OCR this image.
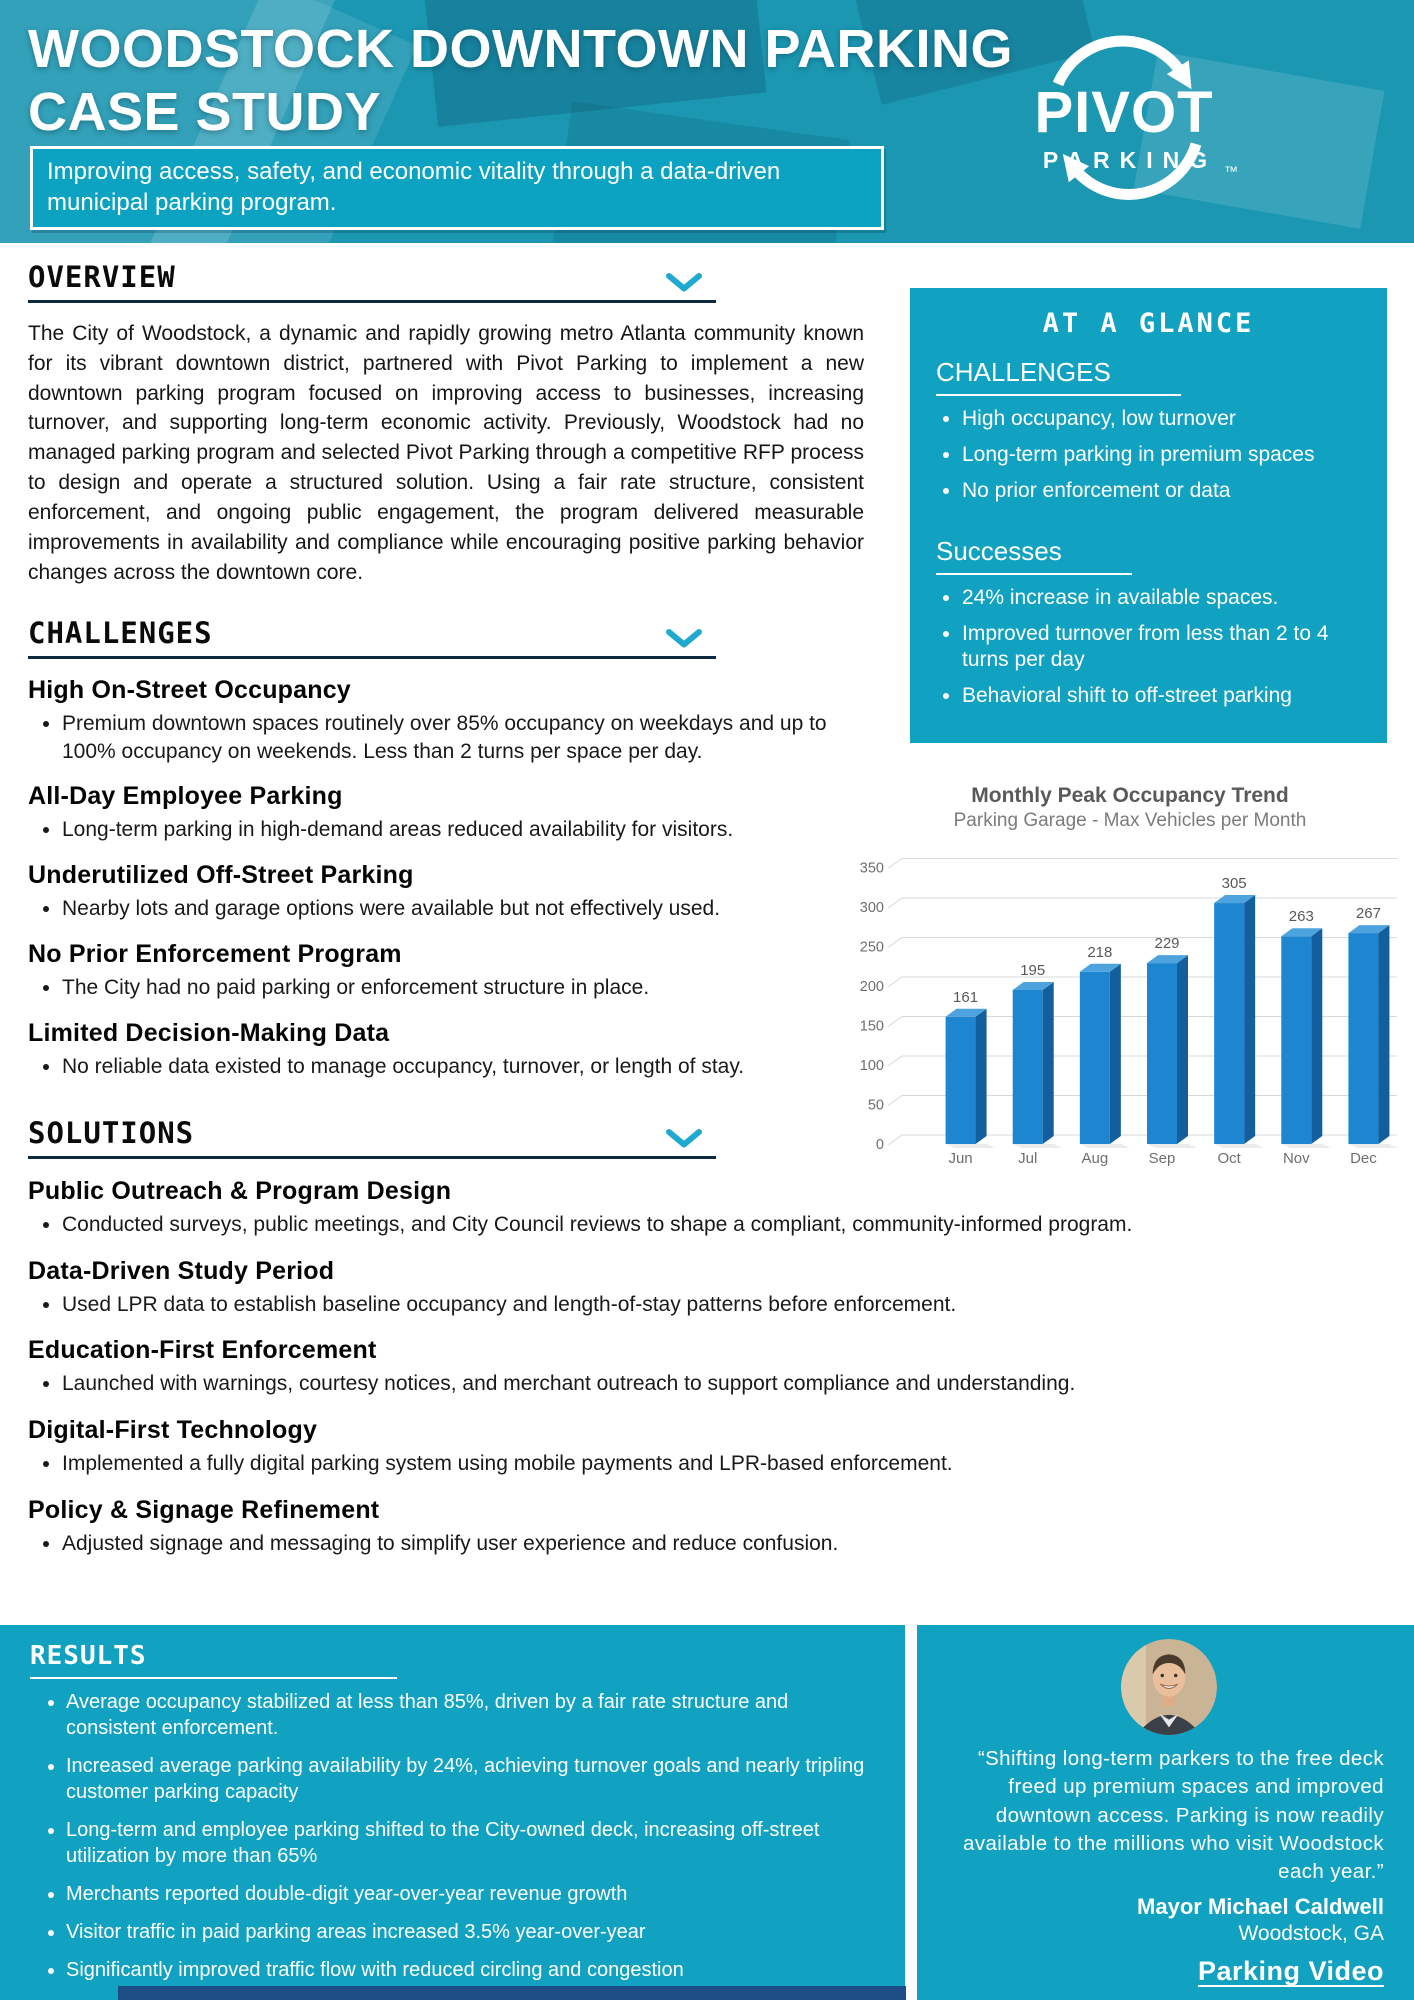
WOODSTOCK DOWNTOWN PARKING
CASE STUDY
Improving access, safety, and economic vitality through a data-driven municipal parking program.
PIVOT
PARKING ™
OVERVIEW

The City of Woodstock, a dynamic and rapidly growing metro Atlanta community known for its vibrant downtown district, partnered with Pivot Parking to implement a new downtown parking program focused on improving access to businesses, increasing turnover, and supporting long-term economic activity. Previously, Woodstock had no managed parking program and selected Pivot Parking through a competitive RFP process to design and operate a structured solution. Using a fair rate structure, consistent enforcement, and ongoing public engagement, the program delivered measurable improvements in availability and compliance while encouraging positive parking behavior changes across the downtown core.

AT A GLANCE
CHALLENGES
• High occupancy, low turnover
• Long-term parking in premium spaces
• No prior enforcement or data
Successes
• 24% increase in available spaces.
• Improved turnover from less than 2 to 4 turns per day
• Behavioral shift to off-street parking
CHALLENGES
High On-Street Occupancy
• Premium downtown spaces routinely over 85% occupancy on weekdays and up to 100% occupancy on weekends. Less than 2 turns per space per day.
All-Day Employee Parking
• Long-term parking in high-demand areas reduced availability for visitors.
Underutilized Off-Street Parking
• Nearby lots and garage options were available but not effectively used.
No Prior Enforcement Program
• The City had no paid parking or enforcement structure in place.
Limited Decision-Making Data
• No reliable data existed to manage occupancy, turnover, or length of stay.
Monthly Peak Occupancy Trend
Parking Garage - Max Vehicles per Month
0
50
100
150
200
250
300
350
161
Jun
195
Jul
218
Aug
229
Sep
305
Oct
263
Nov
267
Dec
SOLUTIONS
Public Outreach & Program Design
• Conducted surveys, public meetings, and City Council reviews to shape a compliant, community-informed program.
Data-Driven Study Period
• Used LPR data to establish baseline occupancy and length-of-stay patterns before enforcement.
Education-First Enforcement
• Launched with warnings, courtesy notices, and merchant outreach to support compliance and understanding.
Digital-First Technology
• Implemented a fully digital parking system using mobile payments and LPR-based enforcement.
Policy & Signage Refinement
• Adjusted signage and messaging to simplify user experience and reduce confusion.
RESULTS
• Average occupancy stabilized at less than 85%, driven by a fair rate structure and consistent enforcement.
• Increased average parking availability by 24%, achieving turnover goals and nearly tripling customer parking capacity
• Long-term and employee parking shifted to the City-owned deck, increasing off-street utilization by more than 65%
• Merchants reported double-digit year-over-year revenue growth
• Visitor traffic in paid parking areas increased 3.5% year-over-year
• Significantly improved traffic flow with reduced circling and congestion
“Shifting long-term parkers to the free deck freed up premium spaces and improved downtown access. Parking is now readily available to the millions who visit Woodstock each year.”
Mayor Michael Caldwell
Woodstock, GA
Parking Video
